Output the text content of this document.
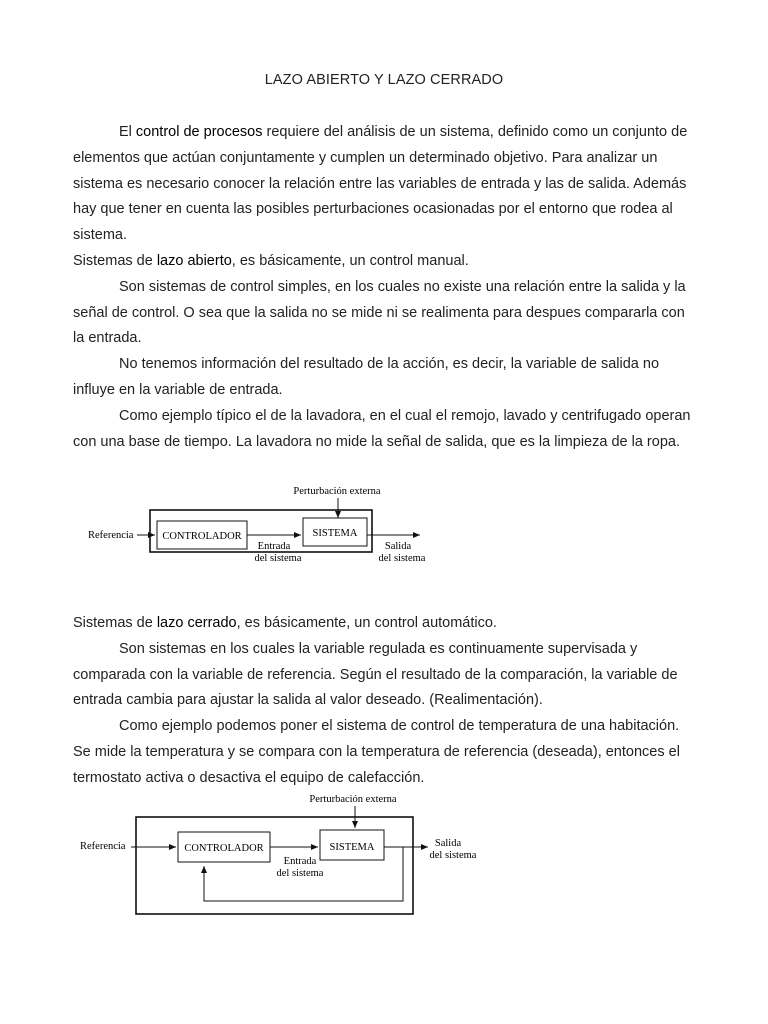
LAZO ABIERTO Y LAZO CERRADO

El control de procesos requiere del análisis de un sistema, definido como un conjunto de elementos que actúan conjuntamente y cumplen un determinado objetivo. Para analizar un sistema es necesario conocer la relación entre las variables de entrada y las de salida. Además hay que tener en cuenta las posibles perturbaciones ocasionadas por el entorno que rodea al sistema.

Sistemas de lazo abierto, es básicamente, un control manual.

Son sistemas de control simples, en los cuales no existe una relación entre la salida y la señal de control. O sea que la salida no se mide ni se realimenta para despues compararla con la entrada.

No tenemos información del resultado de la acción, es decir, la variable de salida no influye en la variable de entrada.

Como ejemplo típico el de la lavadora, en el cual el remojo, lavado y centrifugado operan con una base de tiempo. La lavadora no mide la señal de salida, que es la limpieza de la ropa.

Perturbación externa
Referencia	CONTROLADOR
Entrada
del sistema
SISTEMA
Salida
del sistema

Sistemas de lazo cerrado, es básicamente, un control automático.

Son sistemas en los cuales la variable regulada es continuamente supervisada y comparada con la variable de referencia. Según el resultado de la comparación, la variable de entrada cambia para ajustar la salida al valor deseado. (Realimentación).

Como ejemplo podemos poner el sistema de control de temperatura de una habitación. Se mide la temperatura y se compara con la temperatura de referencia (deseada), entonces el termostato activa o desactiva el equipo de calefacción.

Perturbación externa
Referencia	CONTROLADOR
Entrada
del sistema
SISTEMA	Salida
del sistema
